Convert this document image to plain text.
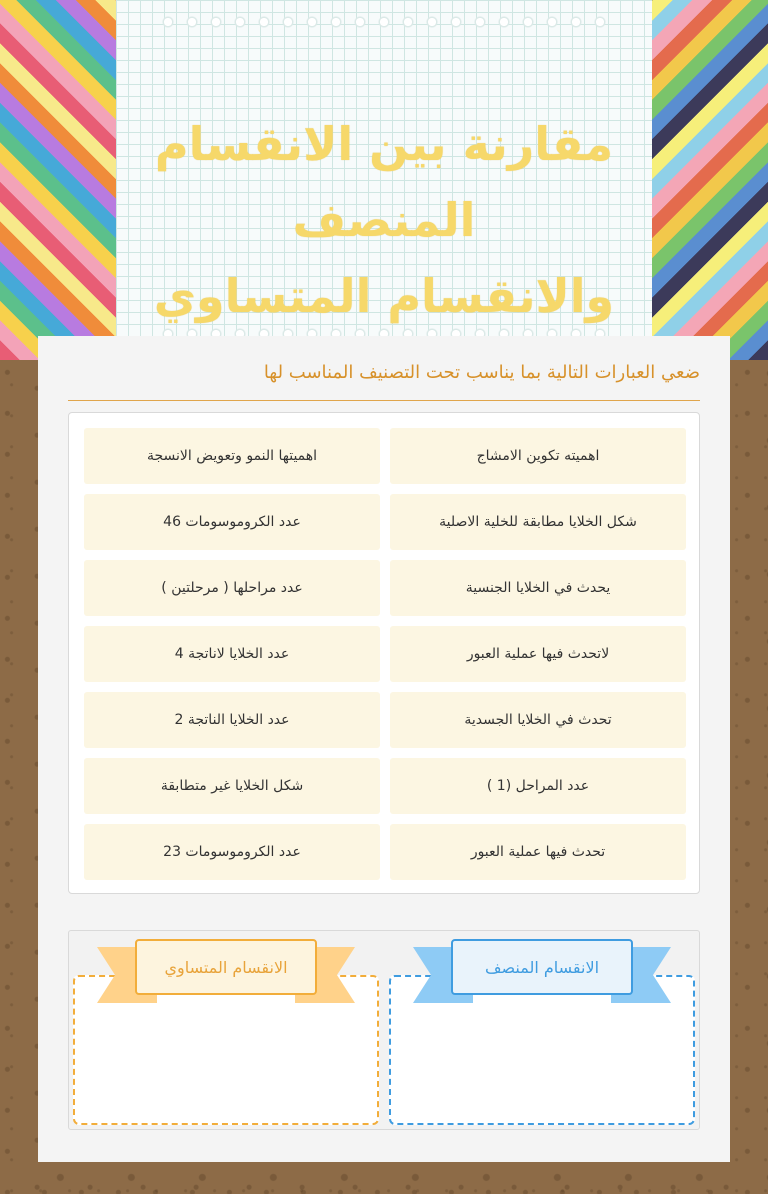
مقارنة بين الانقسام المنصف
والانقسام المتساوي
ضعي العبارات التالية بما يناسب تحت التصنيف المناسب لها
اهميته تكوين الامشاج
اهميتها النمو وتعويض الانسجة
شكل الخلايا مطابقة للخلية الاصلية
عدد الكروموسومات 46
يحدث في الخلايا الجنسية
عدد مراحلها ( مرحلتين )
لاتحدث فيها عملية العبور
عدد الخلايا لاناتجة 4
تحدث في الخلايا الجسدية
عدد الخلايا الناتجة 2
عدد المراحل (1 )
شكل الخلايا غير متطابقة
تحدث فيها عملية العبور
عدد الكروموسومات 23
الانقسام المنصف
الانقسام المتساوي
